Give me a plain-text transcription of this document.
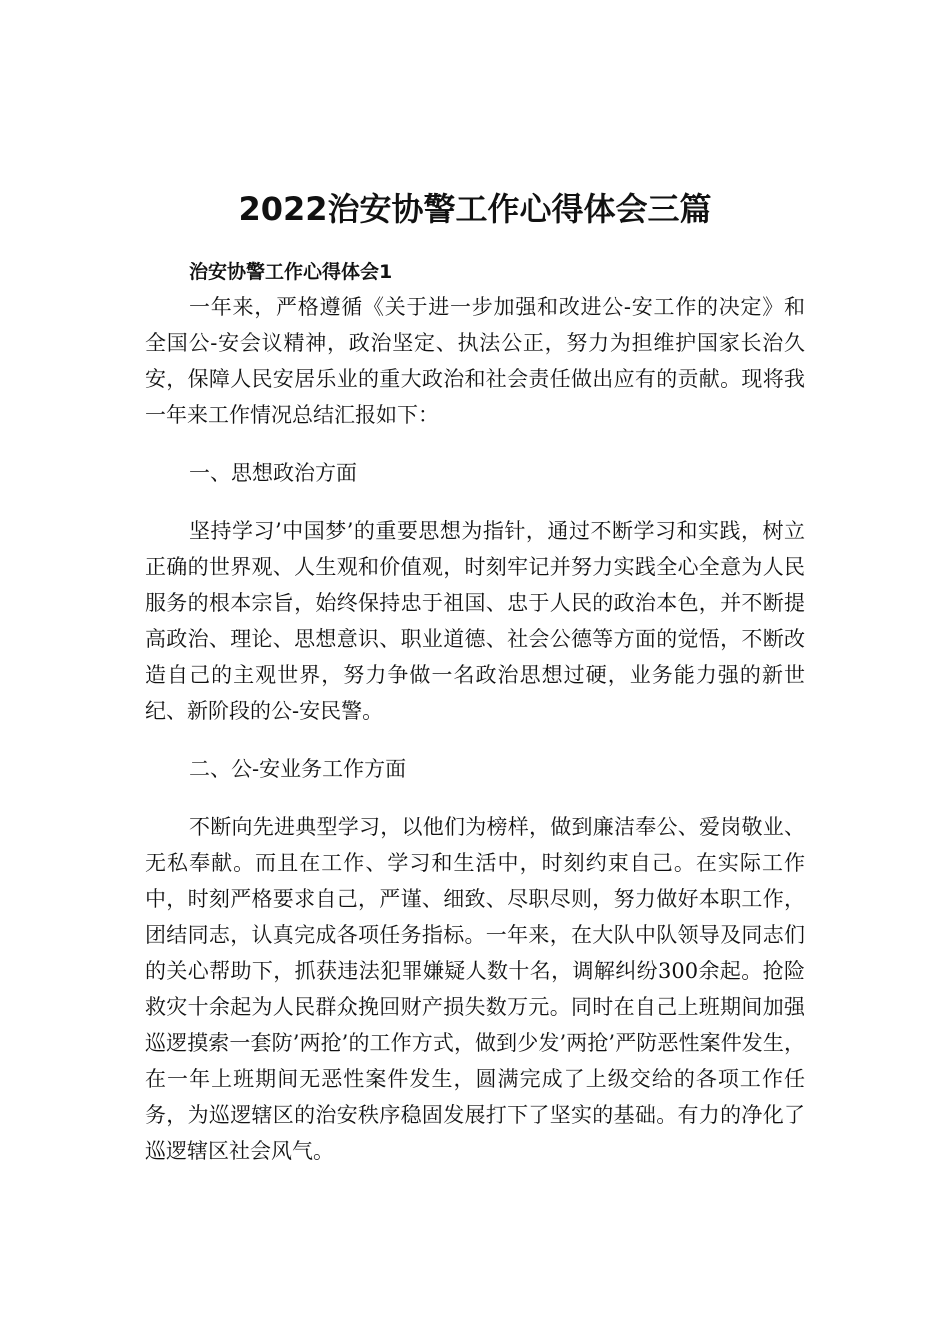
2022治安协警工作心得体会三篇

治安协警工作心得体会1

一年来，严格遵循《关于进一步加强和改进公-安工作的决定》和全国公-安会议精神，政治坚定、执法公正，努力为担维护国家长治久安，保障人民安居乐业的重大政治和社会责任做出应有的贡献。现将我一年来工作情况总结汇报如下：

一、思想政治方面

坚持学习’中国梦’的重要思想为指针，通过不断学习和实践，树立正确的世界观、人生观和价值观，时刻牢记并努力实践全心全意为人民服务的根本宗旨，始终保持忠于祖国、忠于人民的政治本色，并不断提高政治、理论、思想意识、职业道德、社会公德等方面的觉悟，不断改造自己的主观世界，努力争做一名政治思想过硬，业务能力强的新世纪、新阶段的公-安民警。

二、公-安业务工作方面

不断向先进典型学习，以他们为榜样，做到廉洁奉公、爱岗敬业、无私奉献。而且在工作、学习和生活中，时刻约束自己。在实际工作中，时刻严格要求自己，严谨、细致、尽职尽则，努力做好本职工作，团结同志，认真完成各项任务指标。一年来，在大队中队领导及同志们的关心帮助下，抓获违法犯罪嫌疑人数十名，调解纠纷300余起。抢险救灾十余起为人民群众挽回财产损失数万元。同时在自己上班期间加强巡逻摸索一套防’两抢’的工作方式，做到少发’两抢’严防恶性案件发生，在一年上班期间无恶性案件发生，圆满完成了上级交给的各项工作任务，为巡逻辖区的治安秩序稳固发展打下了坚实的基础。有力的净化了巡逻辖区社会风气。
